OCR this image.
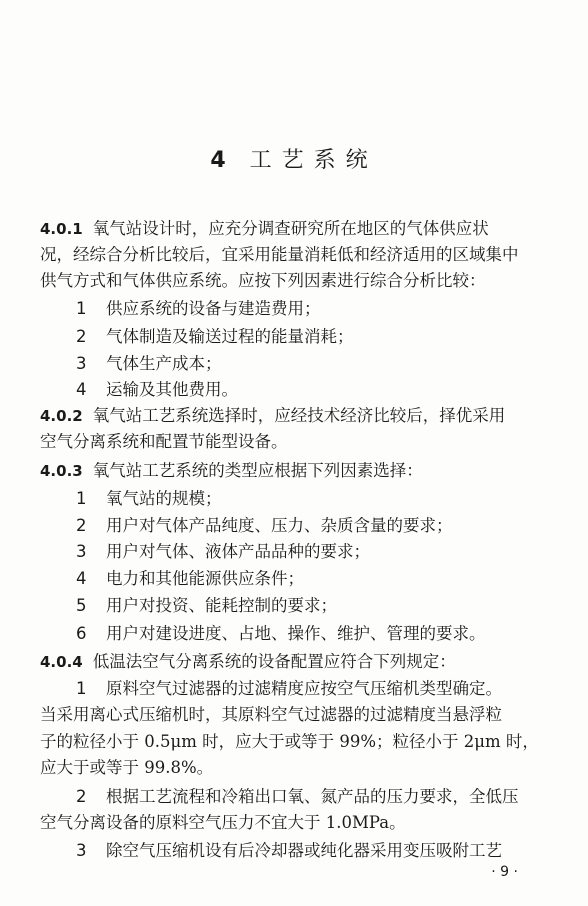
4 工艺系统
4.0.1 氧气站设计时，应充分调查研究所在地区的气体供应状
况，经综合分析比较后，宜采用能量消耗低和经济适用的区域集中
供气方式和气体供应系统。应按下列因素进行综合分析比较：
1 供应系统的设备与建造费用；
2 气体制造及输送过程的能量消耗；
3 气体生产成本；
4 运输及其他费用。
4.0.2 氧气站工艺系统选择时，应经技术经济比较后，择优采用
空气分离系统和配置节能型设备。
4.0.3 氧气站工艺系统的类型应根据下列因素选择：
1 氧气站的规模；
2 用户对气体产品纯度、压力、杂质含量的要求；
3 用户对气体、液体产品品种的要求；
4 电力和其他能源供应条件；
5 用户对投资、能耗控制的要求；
6 用户对建设进度、占地、操作、维护、管理的要求。
4.0.4 低温法空气分离系统的设备配置应符合下列规定：
1 原料空气过滤器的过滤精度应按空气压缩机类型确定。
当采用离心式压缩机时，其原料空气过滤器的过滤精度当悬浮粒
子的粒径小于 0.5μm 时，应大于或等于 99%；粒径小于 2μm 时，
应大于或等于 99.8%。
2 根据工艺流程和冷箱出口氧、氮产品的压力要求，全低压
空气分离设备的原料空气压力不宜大于 1.0MPa。
3 除空气压缩机设有后冷却器或纯化器采用变压吸附工艺
· 9 ·
